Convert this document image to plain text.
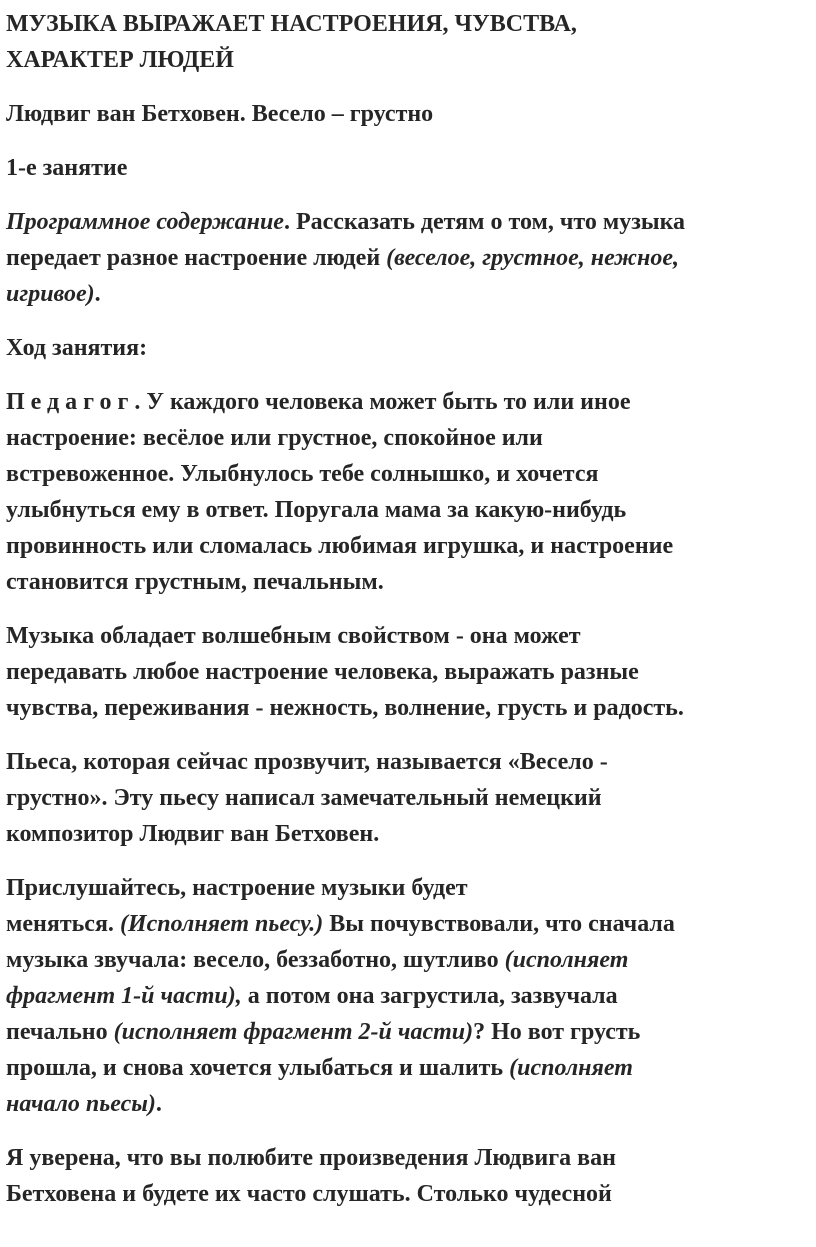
МУЗЫКА ВЫРАЖАЕТ НАСТРОЕНИЯ, ЧУВСТВА,
ХАРАКТЕР ЛЮДЕЙ
Людвиг ван Бетховен. Весело – грустно
1-е занятие
Программное содержание. Рассказать детям о том, что музыка
передает разное настроение людей (веселое, грустное, нежное,
игривое).
Ход занятия:
Педагог. У каждого человека может быть то или иное
настроение: весёлое или грустное, спокойное или
встревоженное. Улыбнулось тебе солнышко, и хочется
улыбнуться ему в ответ. Поругала мама за какую-нибудь
провинность или сломалась любимая игрушка, и настроение
становится грустным, печальным.
Музыка обладает волшебным свойством - она может
передавать любое настроение человека, выражать разные
чувства, переживания - нежность, волнение, грусть и радость.
Пьеса, которая сейчас прозвучит, называется «Весело -
грустно». Эту пьесу написал замечательный немецкий
композитор Людвиг ван Бетховен.
Прислушайтесь, настроение музыки будет
меняться. (Исполняет пьесу.) Вы почувствовали, что сначала
музыка звучала: весело, беззаботно, шутливо (исполняет
фрагмент 1-й части), а потом она загрустила, зазвучала
печально (исполняет фрагмент 2-й части)? Но вот грусть
прошла, и снова хочется улыбаться и шалить (исполняет
начало пьесы).
Я уверена, что вы полюбите произведения Людвига ван
Бетховена и будете их часто слушать. Столько чудесной
